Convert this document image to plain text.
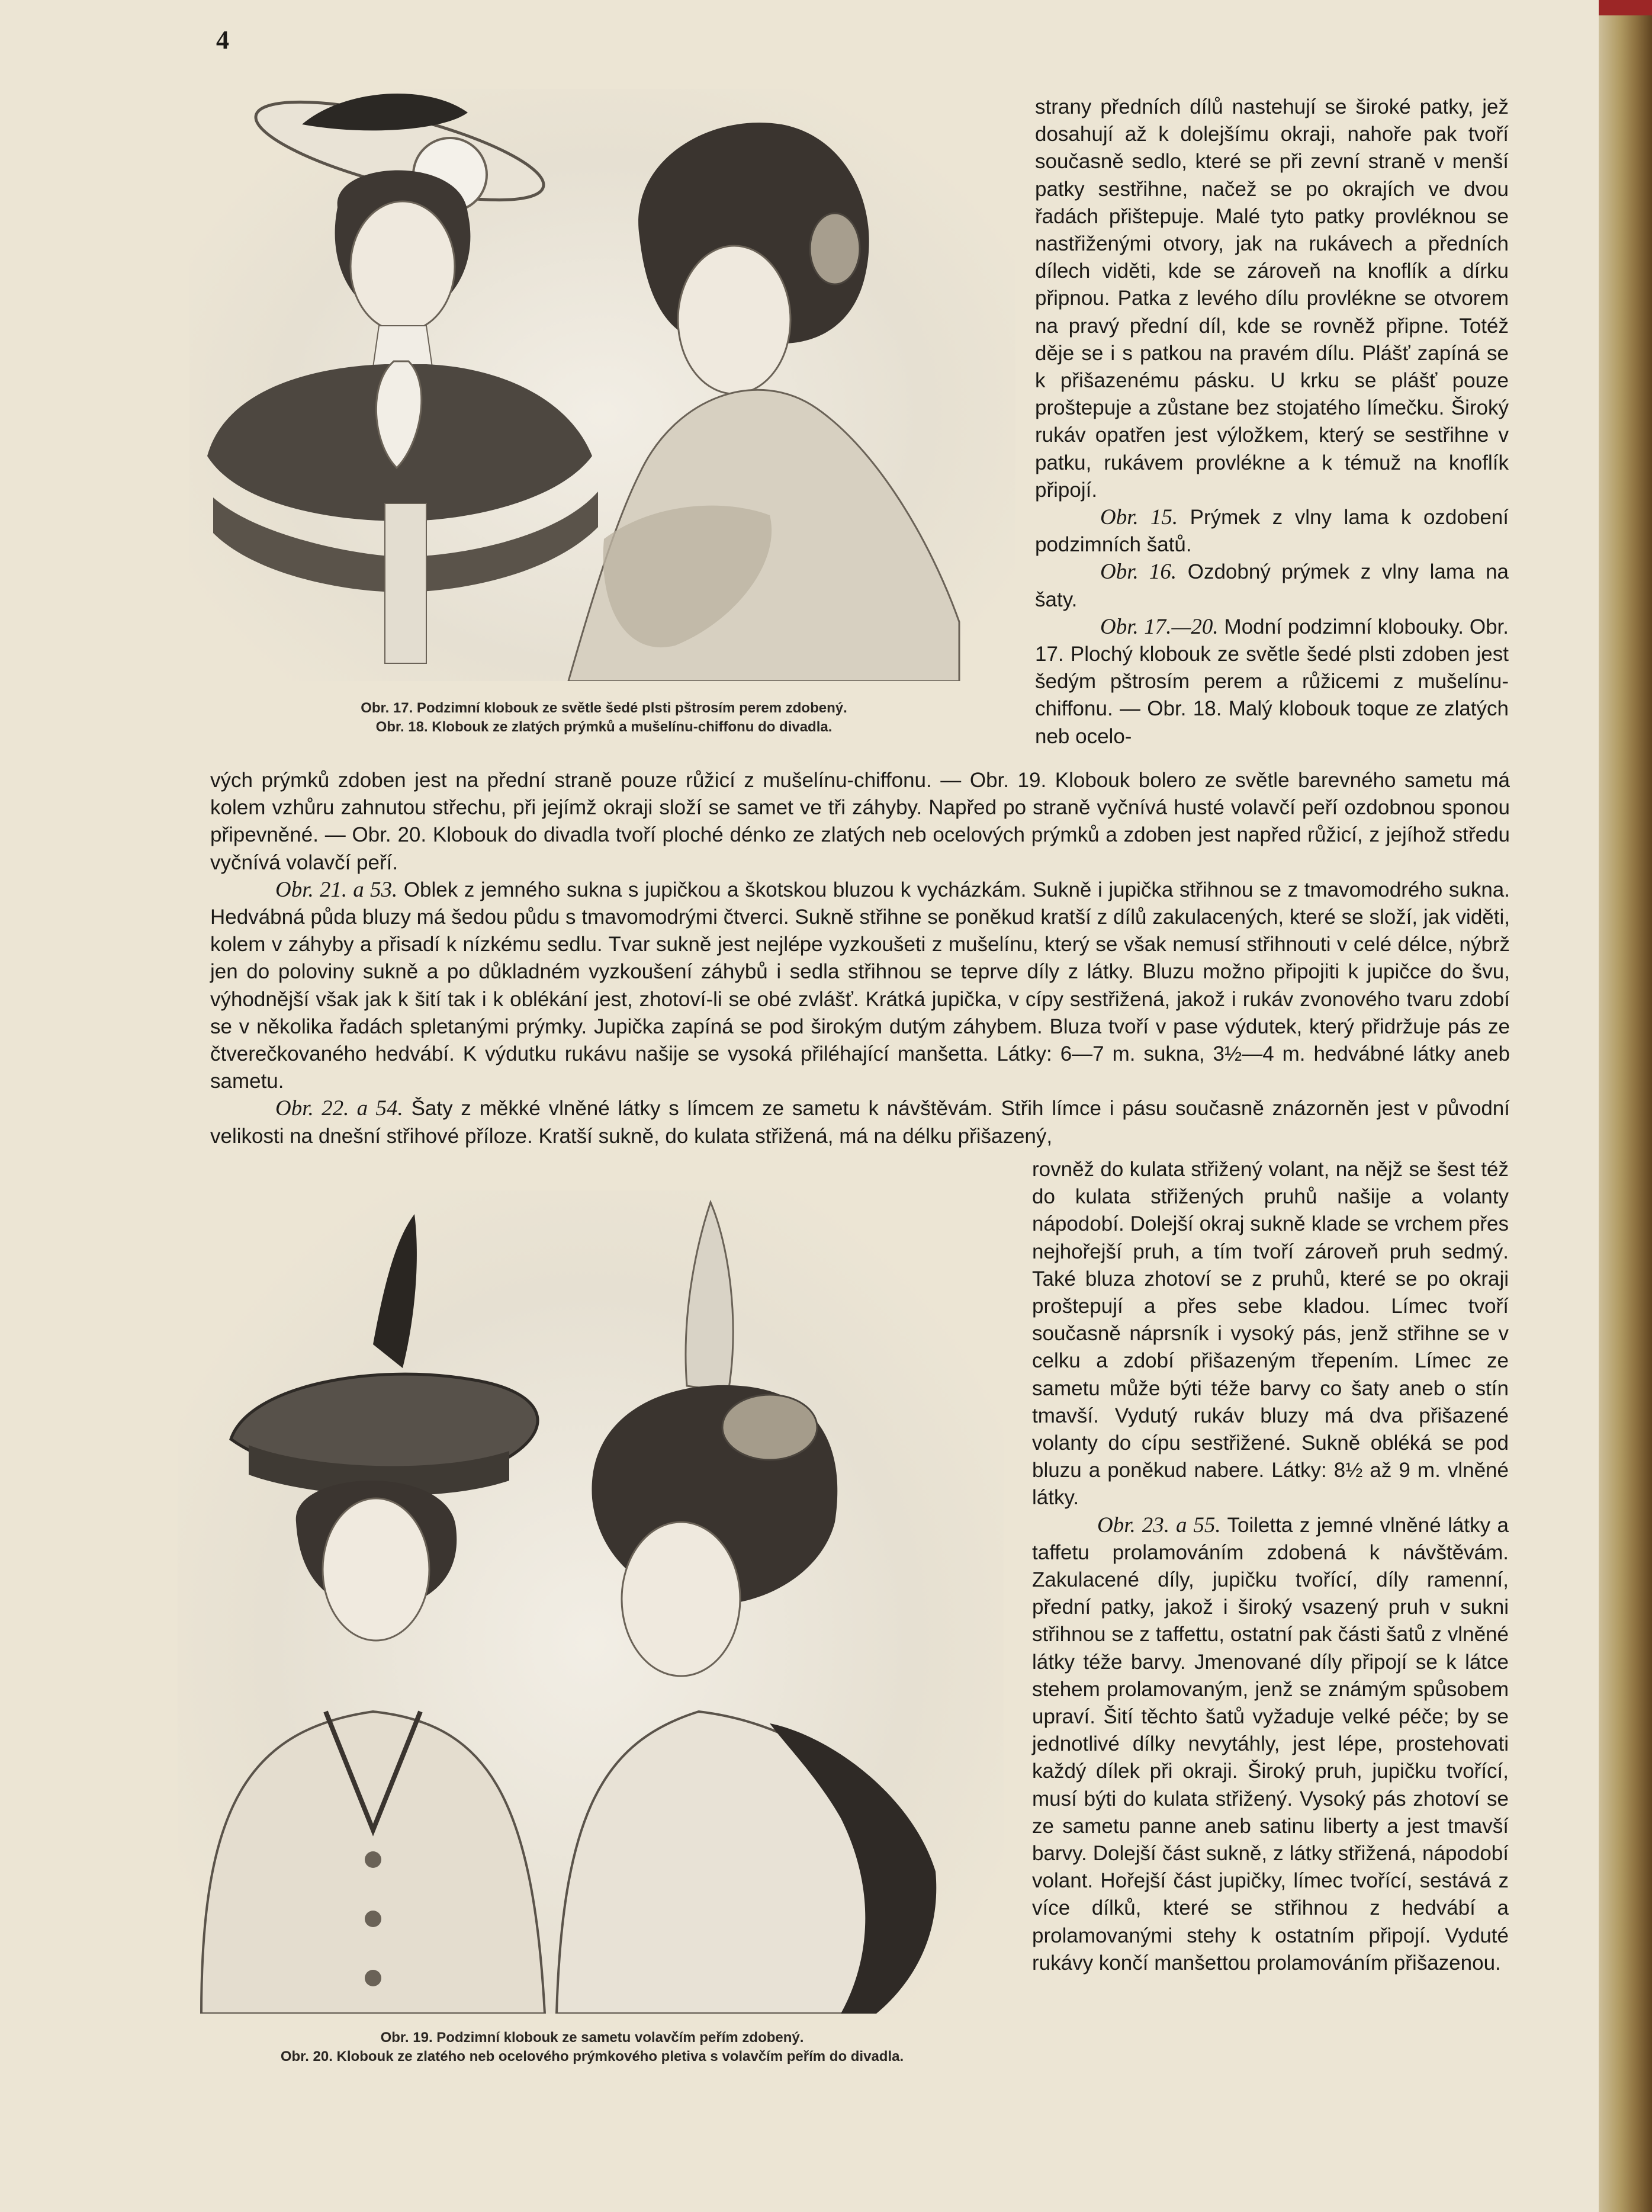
4
Obr. 17. Podzimní klobouk ze světle šedé plsti pštrosím perem zdobený.
Obr. 18. Klobouk ze zlatých prýmků a mušelínu-chiffonu do divadla.

strany předních dílů nastehují se široké patky, jež dosahují až k dolejšímu okraji, nahoře pak tvoří současně sedlo, které se při zevní straně v menší patky sestřihne, načež se po okrajích ve dvou řadách přištepuje. Malé tyto patky provléknou se nastřiženými otvory, jak na rukávech a předních dílech viděti, kde se zároveň na knoflík a dírku připnou. Patka z levého dílu provlékne se otvorem na pravý přední díl, kde se rovněž připne. Totéž děje se i s patkou na pravém dílu. Plášť zapíná se k přišazenému pásku. U krku se plášť pouze proštepuje a zůstane bez stojatého límečku. Široký rukáv opatřen jest výložkem, který se sestřihne v patku, rukávem provlékne a k témuž na knoflík připojí.

Obr. 15. Prýmek z vlny lama k ozdobení podzimních šatů.

Obr. 16. Ozdobný prýmek z vlny lama na šaty.

Obr. 17.—20. Modní podzimní klobouky. Obr. 17. Plochý klobouk ze světle šedé plsti zdoben jest šedým pštrosím perem a růžicemi z mušelínu-chiffonu. — Obr. 18. Malý klobouk toque ze zlatých neb ocelo-

vých prýmků zdoben jest na přední straně pouze růžicí z mušelínu-chiffonu. — Obr. 19. Klobouk bolero ze světle barevného sametu má kolem vzhůru zahnutou střechu, při jejímž okraji složí se samet ve tři záhyby. Napřed po straně vyčnívá husté volavčí peří ozdobnou sponou připevněné. — Obr. 20. Klobouk do divadla tvoří ploché dénko ze zlatých neb ocelových prýmků a zdoben jest napřed růžicí, z jejíhož středu vyčnívá volavčí peří.

Obr. 21. a 53. Oblek z jemného sukna s jupičkou a škotskou bluzou k vycházkám. Sukně i jupička střihnou se z tmavomodrého sukna. Hedvábná půda bluzy má šedou půdu s tmavomodrými čtverci. Sukně střihne se poněkud kratší z dílů zakulacených, které se složí, jak viděti, kolem v záhyby a přisadí k nízkému sedlu. Tvar sukně jest nejlépe vyzkoušeti z mušelínu, který se však nemusí střihnouti v celé délce, nýbrž jen do poloviny sukně a po důkladném vyzkoušení záhybů i sedla střihnou se teprve díly z látky. Bluzu možno připojiti k jupičce do švu, výhodnější však jak k šití tak i k oblékání jest, zhotoví-li se obé zvlášť. Krátká jupička, v cípy sestřižená, jakož i rukáv zvonového tvaru zdobí se v několika řadách spletanými prýmky. Jupička zapíná se pod širokým dutým záhybem. Bluza tvoří v pase výdutek, který přidržuje pás ze čtverečkovaného hedvábí. K výdutku rukávu našije se vysoká přiléhající manšetta. Látky: 6—7 m. sukna, 3½—4 m. hedvábné látky aneb sametu.

Obr. 22. a 54. Šaty z měkké vlněné látky s límcem ze sametu k návštěvám. Střih límce i pásu současně znázorněn jest v původní velikosti na dnešní střihové příloze. Kratší sukně, do kulata střižená, má na délku přišazený,

Obr. 19. Podzimní klobouk ze sametu volavčím peřím zdobený.
Obr. 20. Klobouk ze zlatého neb ocelového prýmkového pletiva s volavčím peřím do divadla.

rovněž do kulata střižený volant, na nějž se šest též do kulata střižených pruhů našije a volanty nápodobí. Dolejší okraj sukně klade se vrchem přes nejhořejší pruh, a tím tvoří zároveň pruh sedmý. Také bluza zhotoví se z pruhů, které se po okraji proštepují a přes sebe kladou. Límec tvoří současně náprsník i vysoký pás, jenž střihne se v celku a zdobí přišazeným třepením. Límec ze sametu může býti téže barvy co šaty aneb o stín tmavší. Vydutý rukáv bluzy má dva přišazené volanty do cípu sestřižené. Sukně obléká se pod bluzu a poněkud nabere. Látky: 8½ až 9 m. vlněné látky.

Obr. 23. a 55. Toiletta z jemné vlněné látky a taffetu prolamováním zdobená k návštěvám. Zakulacené díly, jupičku tvořící, díly ramenní, přední patky, jakož i široký vsazený pruh v sukni střihnou se z taffettu, ostatní pak části šatů z vlněné látky téže barvy. Jmenované díly připojí se k látce stehem prolamovaným, jenž se známým spůsobem upraví. Šití těchto šatů vyžaduje velké péče; by se jednotlivé dílky nevytáhly, jest lépe, prostehovati každý dílek při okraji. Široký pruh, jupičku tvořící, musí býti do kulata střižený. Vysoký pás zhotoví se ze sametu panne aneb satinu liberty a jest tmavší barvy. Dolejší část sukně, z látky střižená, nápodobí volant. Hořejší část jupičky, límec tvořící, sestává z více dílků, které se střihnou z hedvábí a prolamovanými stehy k ostatním připojí. Vyduté rukávy končí manšettou prolamováním přišazenou.
